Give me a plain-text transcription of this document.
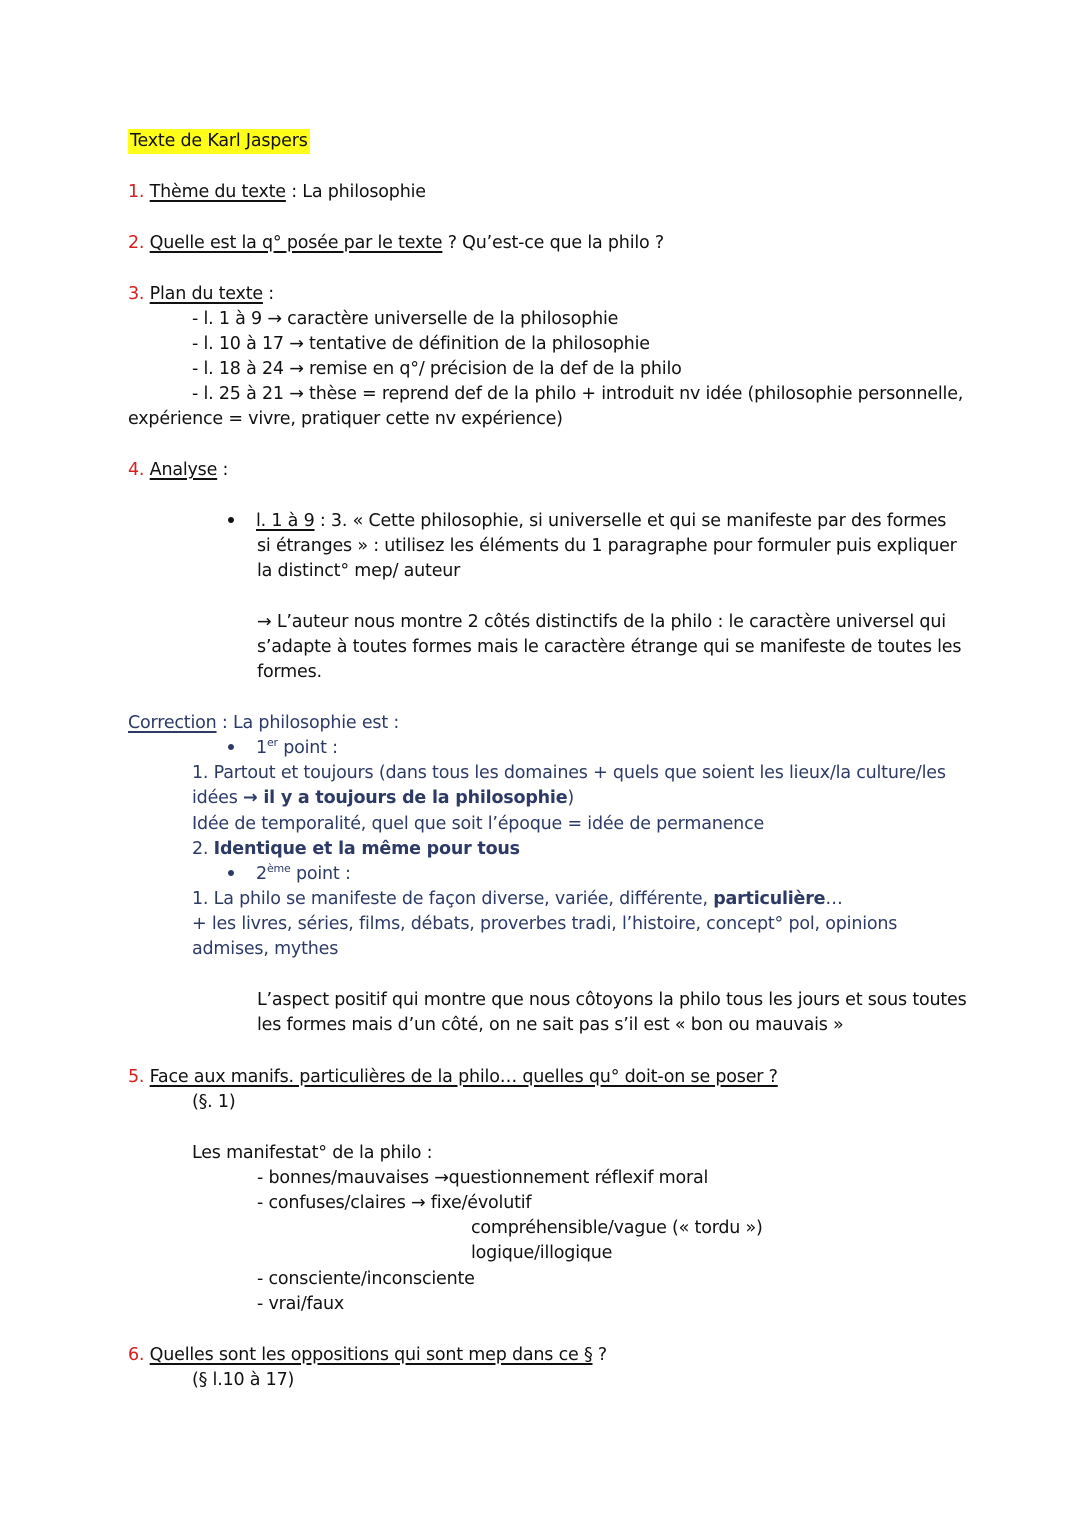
Texte de Karl Jaspers
1. Thème du texte : La philosophie
2. Quelle est la q° posée par le texte ? Qu’est-ce que la philo ?
3. Plan du texte :
- l. 1 à 9 → caractère universelle de la philosophie
- l. 10 à 17 → tentative de définition de la philosophie
- l. 18 à 24 → remise en q°/ précision de la def de la philo
- l. 25 à 21 → thèse = reprend def de la philo + introduit nv idée (philosophie personnelle,
expérience = vivre, pratiquer cette nv expérience)
4. Analyse :
l. 1 à 9 : 3. « Cette philosophie, si universelle et qui se manifeste par des formes
si étranges » : utilisez les éléments du 1 paragraphe pour formuler puis expliquer
la distinct° mep/ auteur
→ L’auteur nous montre 2 côtés distinctifs de la philo : le caractère universel qui
s’adapte à toutes formes mais le caractère étrange qui se manifeste de toutes les
formes.
Correction : La philosophie est :
1er point :
1. Partout et toujours (dans tous les domaines + quels que soient les lieux/la culture/les
idées → il y a toujours de la philosophie)
Idée de temporalité, quel que soit l’époque = idée de permanence
2. Identique et la même pour tous
2ème point :
1. La philo se manifeste de façon diverse, variée, différente, particulière…
+ les livres, séries, films, débats, proverbes tradi, l’histoire, concept° pol, opinions
admises, mythes
L’aspect positif qui montre que nous côtoyons la philo tous les jours et sous toutes
les formes mais d’un côté, on ne sait pas s’il est « bon ou mauvais »
5. Face aux manifs. particulières de la philo… quelles qu° doit-on se poser ?
(§. 1)
Les manifestat° de la philo :
- bonnes/mauvaises →questionnement réflexif moral
- confuses/claires → fixe/évolutif
compréhensible/vague (« tordu »)
logique/illogique
- consciente/inconsciente
- vrai/faux
6. Quelles sont les oppositions qui sont mep dans ce § ?
(§ l.10 à 17)
